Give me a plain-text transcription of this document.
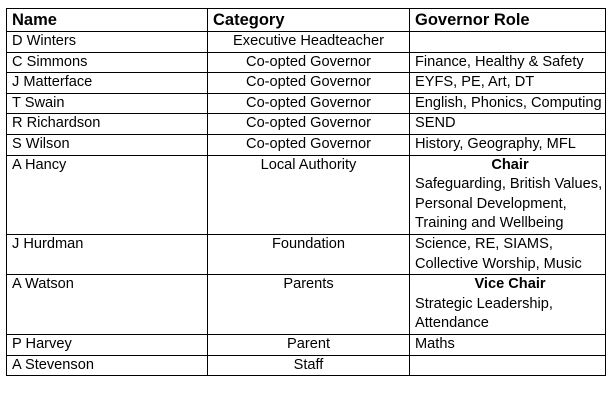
Name	Category	Governor Role
D Winters	Executive Headteacher	

C Simmons	Co-opted Governor	Finance, Healthy & Safety

J Matterface	Co-opted Governor	EYFS, PE, Art, DT

T Swain	Co-opted Governor	English, Phonics, Computing

R Richardson	Co-opted Governor	SEND

S Wilson	Co-opted Governor	History, Geography, MFL

A Hancy	Local Authority	Chair
Safeguarding, British Values, Personal Development, Training and Wellbeing

J Hurdman	Foundation	Science, RE, SIAMS, Collective Worship, Music

A Watson	Parents	Vice Chair
Strategic Leadership, Attendance

P Harvey	Parent	Maths

A Stevenson	Staff	
